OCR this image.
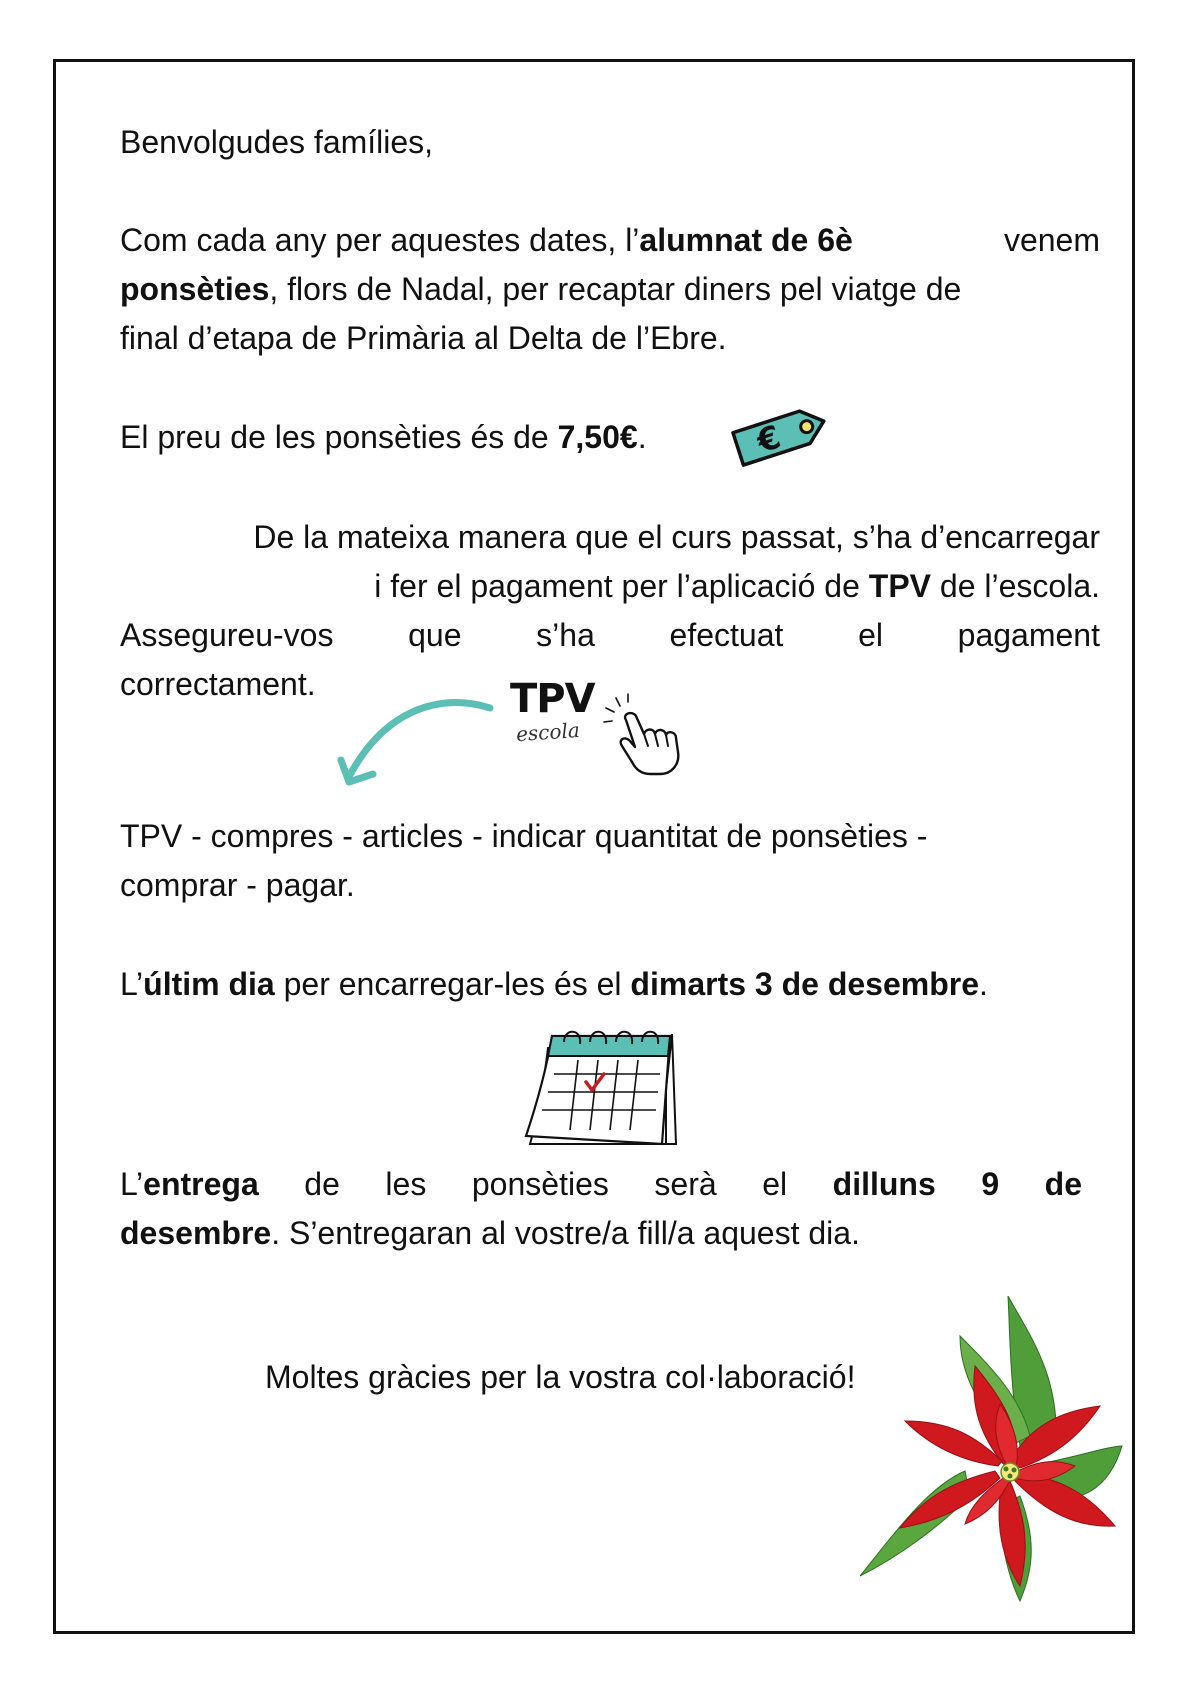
Benvolgudes famílies,
Com cada any per aquestes dates, l’alumnat de 6è	venem
ponsèties, flors de Nadal, per recaptar diners pel viatge de
final d’etapa de Primària al Delta de l’Ebre.
El preu de les ponsèties és de 7,50€.	€
De la mateixa manera que el curs passat, s’ha d’encarregar
i fer el pagament per l’aplicació de TPV de l’escola.
Assegureu-vos que s’ha efectuat el pagament
correctament.	TPV
escola
TPV - compres - articles - indicar quantitat de ponsèties -
comprar - pagar.
L’últim dia per encarregar-les és el dimarts 3 de desembre.
L’entrega de les ponsèties serà el dilluns 9 de
desembre. S’entregaran al vostre/a fill/a aquest dia.
Moltes gràcies per la vostra col·laboració!
